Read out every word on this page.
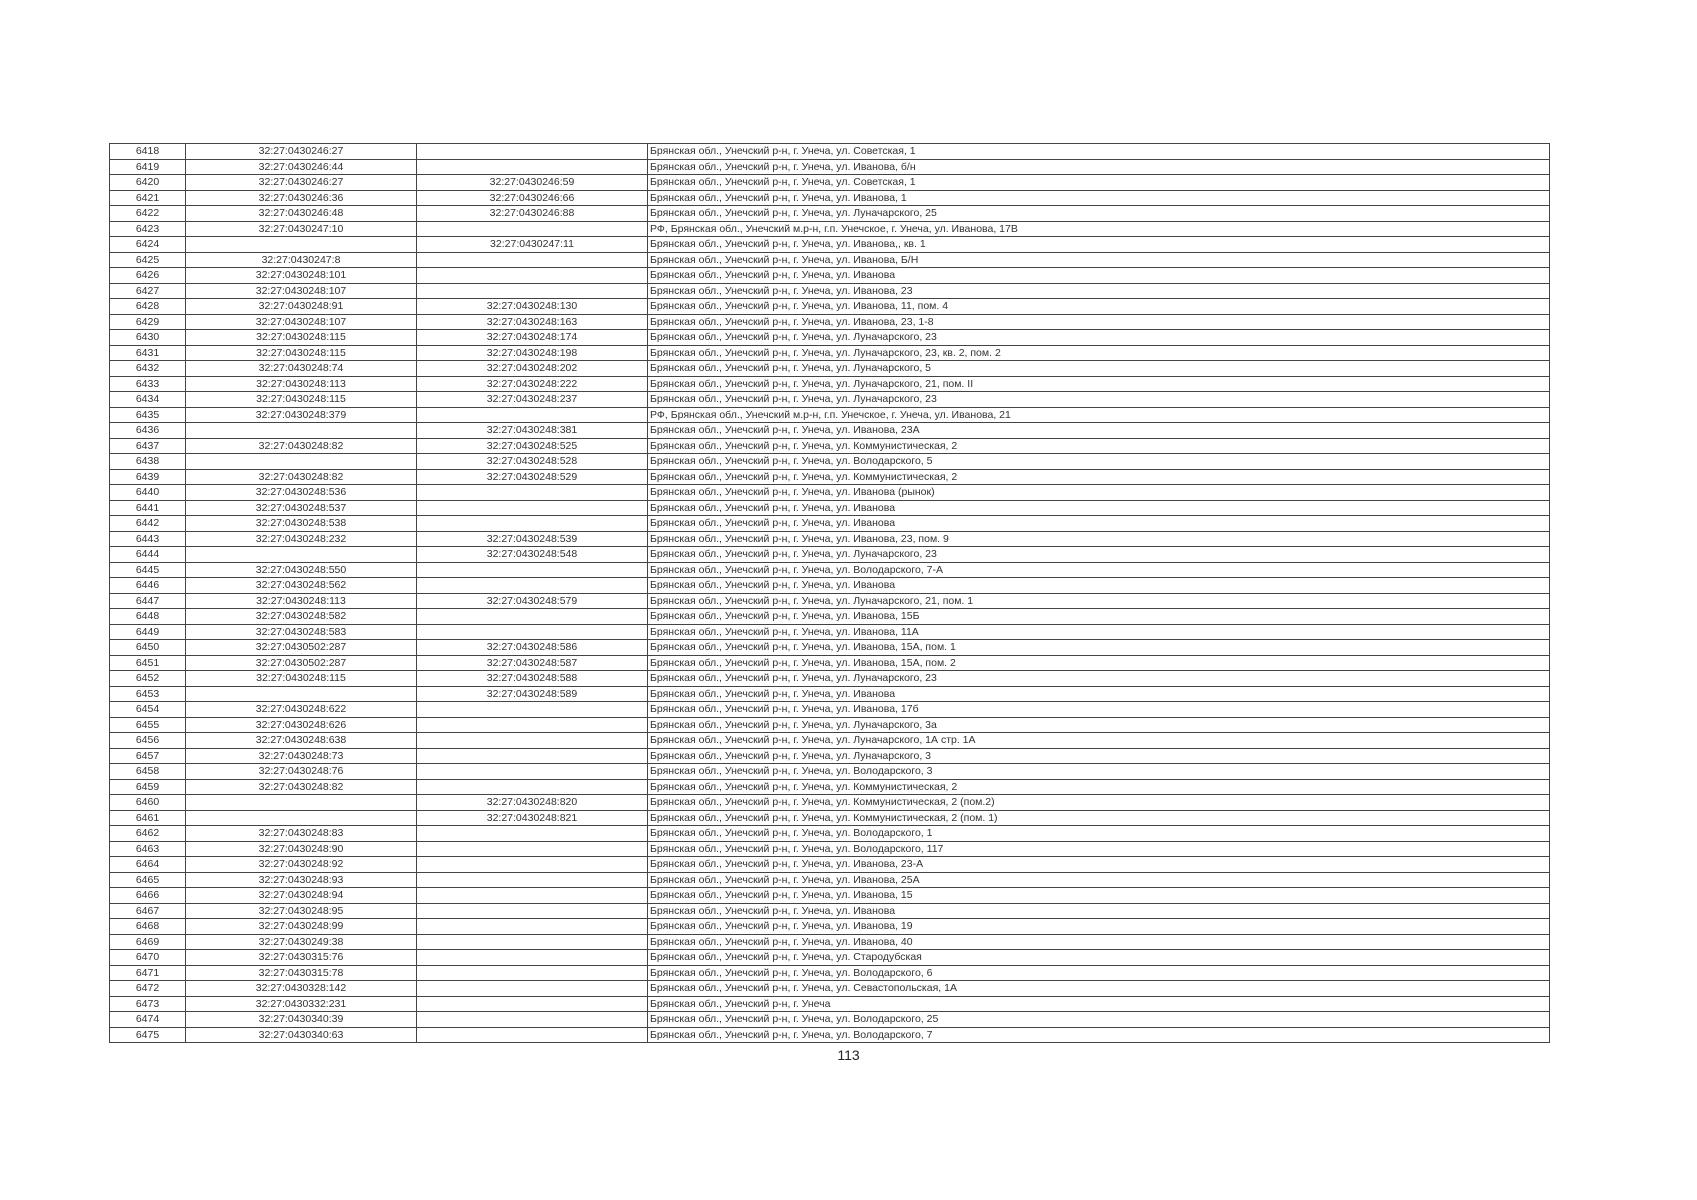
6418	32:27:0430246:27		Брянская обл., Унечский р-н, г. Унеча, ул. Советская, 1
6419	32:27:0430246:44		Брянская обл., Унечский р-н, г. Унеча, ул. Иванова, б/н
6420	32:27:0430246:27	32:27:0430246:59	Брянская обл., Унечский р-н, г. Унеча, ул. Советская, 1
6421	32:27:0430246:36	32:27:0430246:66	Брянская обл., Унечский р-н, г. Унеча, ул. Иванова, 1
6422	32:27:0430246:48	32:27:0430246:88	Брянская обл., Унечский р-н, г. Унеча, ул. Луначарского, 25
6423	32:27:0430247:10		РФ, Брянская обл., Унечский м.р-н, г.п. Унечское, г. Унеча, ул. Иванова, 17В
6424		32:27:0430247:11	Брянская обл., Унечский р-н, г. Унеча, ул. Иванова,, кв. 1
6425	32:27:0430247:8		Брянская обл., Унечский р-н, г. Унеча, ул. Иванова, Б/Н
6426	32:27:0430248:101		Брянская обл., Унечский р-н, г. Унеча, ул. Иванова
6427	32:27:0430248:107		Брянская обл., Унечский р-н, г. Унеча, ул. Иванова, 23
6428	32:27:0430248:91	32:27:0430248:130	Брянская обл., Унечский р-н, г. Унеча, ул. Иванова, 11, пом. 4
6429	32:27:0430248:107	32:27:0430248:163	Брянская обл., Унечский р-н, г. Унеча, ул. Иванова, 23, 1-8
6430	32:27:0430248:115	32:27:0430248:174	Брянская обл., Унечский р-н, г. Унеча, ул. Луначарского, 23
6431	32:27:0430248:115	32:27:0430248:198	Брянская обл., Унечский р-н, г. Унеча, ул. Луначарского, 23, кв. 2, пом. 2
6432	32:27:0430248:74	32:27:0430248:202	Брянская обл., Унечский р-н, г. Унеча, ул. Луначарского, 5
6433	32:27:0430248:113	32:27:0430248:222	Брянская обл., Унечский р-н, г. Унеча, ул. Луначарского, 21, пом. II
6434	32:27:0430248:115	32:27:0430248:237	Брянская обл., Унечский р-н, г. Унеча, ул. Луначарского, 23
6435	32:27:0430248:379		РФ, Брянская обл., Унечский м.р-н, г.п. Унечское, г. Унеча, ул. Иванова, 21
6436		32:27:0430248:381	Брянская обл., Унечский р-н, г. Унеча, ул. Иванова, 23А
6437	32:27:0430248:82	32:27:0430248:525	Брянская обл., Унечский р-н, г. Унеча, ул. Коммунистическая, 2
6438		32:27:0430248:528	Брянская обл., Унечский р-н, г. Унеча, ул. Володарского, 5
6439	32:27:0430248:82	32:27:0430248:529	Брянская обл., Унечский р-н, г. Унеча, ул. Коммунистическая, 2
6440	32:27:0430248:536		Брянская обл., Унечский р-н, г. Унеча, ул. Иванова (рынок)
6441	32:27:0430248:537		Брянская обл., Унечский р-н, г. Унеча, ул. Иванова
6442	32:27:0430248:538		Брянская обл., Унечский р-н, г. Унеча, ул. Иванова
6443	32:27:0430248:232	32:27:0430248:539	Брянская обл., Унечский р-н, г. Унеча, ул. Иванова, 23, пом. 9
6444		32:27:0430248:548	Брянская обл., Унечский р-н, г. Унеча, ул. Луначарского, 23
6445	32:27:0430248:550		Брянская обл., Унечский р-н, г. Унеча, ул. Володарского, 7-А
6446	32:27:0430248:562		Брянская обл., Унечский р-н, г. Унеча, ул. Иванова
6447	32:27:0430248:113	32:27:0430248:579	Брянская обл., Унечский р-н, г. Унеча, ул. Луначарского, 21, пом. 1
6448	32:27:0430248:582		Брянская обл., Унечский р-н, г. Унеча, ул. Иванова, 15Б
6449	32:27:0430248:583		Брянская обл., Унечский р-н, г. Унеча, ул. Иванова, 11А
6450	32:27:0430502:287	32:27:0430248:586	Брянская обл., Унечский р-н, г. Унеча, ул. Иванова, 15А, пом. 1
6451	32:27:0430502:287	32:27:0430248:587	Брянская обл., Унечский р-н, г. Унеча, ул. Иванова, 15А, пом. 2
6452	32:27:0430248:115	32:27:0430248:588	Брянская обл., Унечский р-н, г. Унеча, ул. Луначарского, 23
6453		32:27:0430248:589	Брянская обл., Унечский р-н, г. Унеча, ул. Иванова
6454	32:27:0430248:622		Брянская обл., Унечский р-н, г. Унеча, ул. Иванова, 17б
6455	32:27:0430248:626		Брянская обл., Унечский р-н, г. Унеча, ул. Луначарского, 3а
6456	32:27:0430248:638		Брянская обл., Унечский р-н, г. Унеча, ул. Луначарского, 1А стр. 1А
6457	32:27:0430248:73		Брянская обл., Унечский р-н, г. Унеча, ул. Луначарского, 3
6458	32:27:0430248:76		Брянская обл., Унечский р-н, г. Унеча, ул. Володарского, 3
6459	32:27:0430248:82		Брянская обл., Унечский р-н, г. Унеча, ул. Коммунистическая, 2
6460		32:27:0430248:820	Брянская обл., Унечский р-н, г. Унеча, ул. Коммунистическая, 2 (пом.2)
6461		32:27:0430248:821	Брянская обл., Унечский р-н, г. Унеча, ул. Коммунистическая, 2 (пом. 1)
6462	32:27:0430248:83		Брянская обл., Унечский р-н, г. Унеча, ул. Володарского, 1
6463	32:27:0430248:90		Брянская обл., Унечский р-н, г. Унеча, ул. Володарского, 117
6464	32:27:0430248:92		Брянская обл., Унечский р-н, г. Унеча, ул. Иванова, 23-А
6465	32:27:0430248:93		Брянская обл., Унечский р-н, г. Унеча, ул. Иванова, 25А
6466	32:27:0430248:94		Брянская обл., Унечский р-н, г. Унеча, ул. Иванова, 15
6467	32:27:0430248:95		Брянская обл., Унечский р-н, г. Унеча, ул. Иванова
6468	32:27:0430248:99		Брянская обл., Унечский р-н, г. Унеча, ул. Иванова, 19
6469	32:27:0430249:38		Брянская обл., Унечский р-н, г. Унеча, ул. Иванова, 40
6470	32:27:0430315:76		Брянская обл., Унечский р-н, г. Унеча, ул. Стародубская
6471	32:27:0430315:78		Брянская обл., Унечский р-н, г. Унеча, ул. Володарского, 6
6472	32:27:0430328:142		Брянская обл., Унечский р-н, г. Унеча, ул. Севастопольская, 1А
6473	32:27:0430332:231		Брянская обл., Унечский р-н, г. Унеча
6474	32:27:0430340:39		Брянская обл., Унечский р-н, г. Унеча, ул. Володарского, 25
6475	32:27:0430340:63		Брянская обл., Унечский р-н, г. Унеча, ул. Володарского, 7
113
